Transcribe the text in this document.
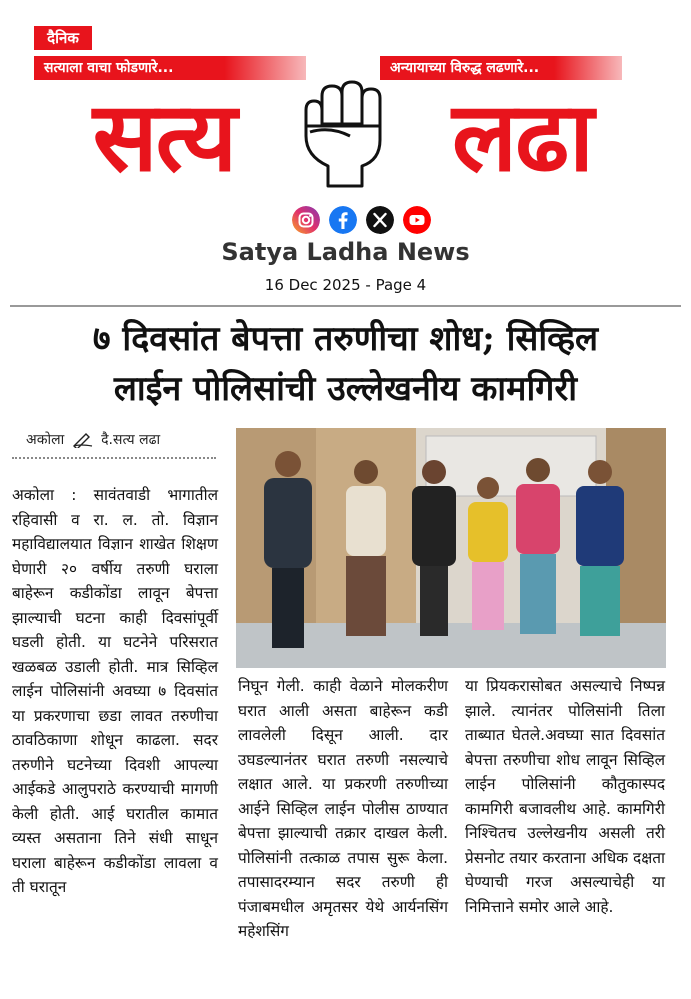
दैनिक
सत्याला वाचा फोडणारे...	अन्यायाच्या विरुद्ध लढणारे...
सत्य	लढा
Satya Ladha News
16 Dec 2025 - Page 4
७ दिवसांत बेपत्ता तरुणीचा शोध; सिव्हिल
लाईन पोलिसांची उल्लेखनीय कामगिरी
अकोला	दै.सत्य लढा
अकोला : सावंतवाडी भागातील रहिवासी व रा. ल. तो. विज्ञान महाविद्यालयात विज्ञान शाखेत शिक्षण घेणारी २० वर्षीय तरुणी घराला बाहेरून कडीकोंडा लावून बेपत्ता झाल्याची घटना काही दिवसांपूर्वी घडली होती. या घटनेने परिसरात खळबळ उडाली होती. मात्र सिव्हिल लाईन पोलिसांनी अवघ्या ७ दिवसांत या प्रकरणाचा छडा लावत तरुणीचा ठावठिकाणा शोधून काढला. सदर तरुणीने घटनेच्या दिवशी आपल्या आईकडे आलुपराठे करण्याची मागणी केली होती. आई घरातील कामात व्यस्त असताना तिने संधी साधून घराला बाहेरून कडीकोंडा लावला व ती घरातून
निघून गेली. काही वेळाने मोलकरीण घरात आली असता बाहेरून कडी लावलेली दिसून आली. दार उघडल्यानंतर घरात तरुणी नसल्याचे लक्षात आले. या प्रकरणी तरुणीच्या आईने सिव्हिल लाईन पोलीस ठाण्यात बेपत्ता झाल्याची तक्रार दाखल केली. पोलिसांनी तत्काळ तपास सुरू केला. तपासादरम्यान सदर तरुणी ही पंजाबमधील अमृतसर येथे आर्यनसिंग महेशसिंग
या प्रियकरासोबत असल्याचे निष्पन्न झाले. त्यानंतर पोलिसांनी तिला ताब्यात घेतले.अवघ्या सात दिवसांत बेपत्ता तरुणीचा शोध लावून सिव्हिल लाईन पोलिसांनी कौतुकास्पद कामगिरी बजावलीथ आहे. कामगिरी निश्चितच उल्लेखनीय असली तरी प्रेसनोट तयार करताना अधिक दक्षता घेण्याची गरज असल्याचेही या निमित्ताने समोर आले आहे.
